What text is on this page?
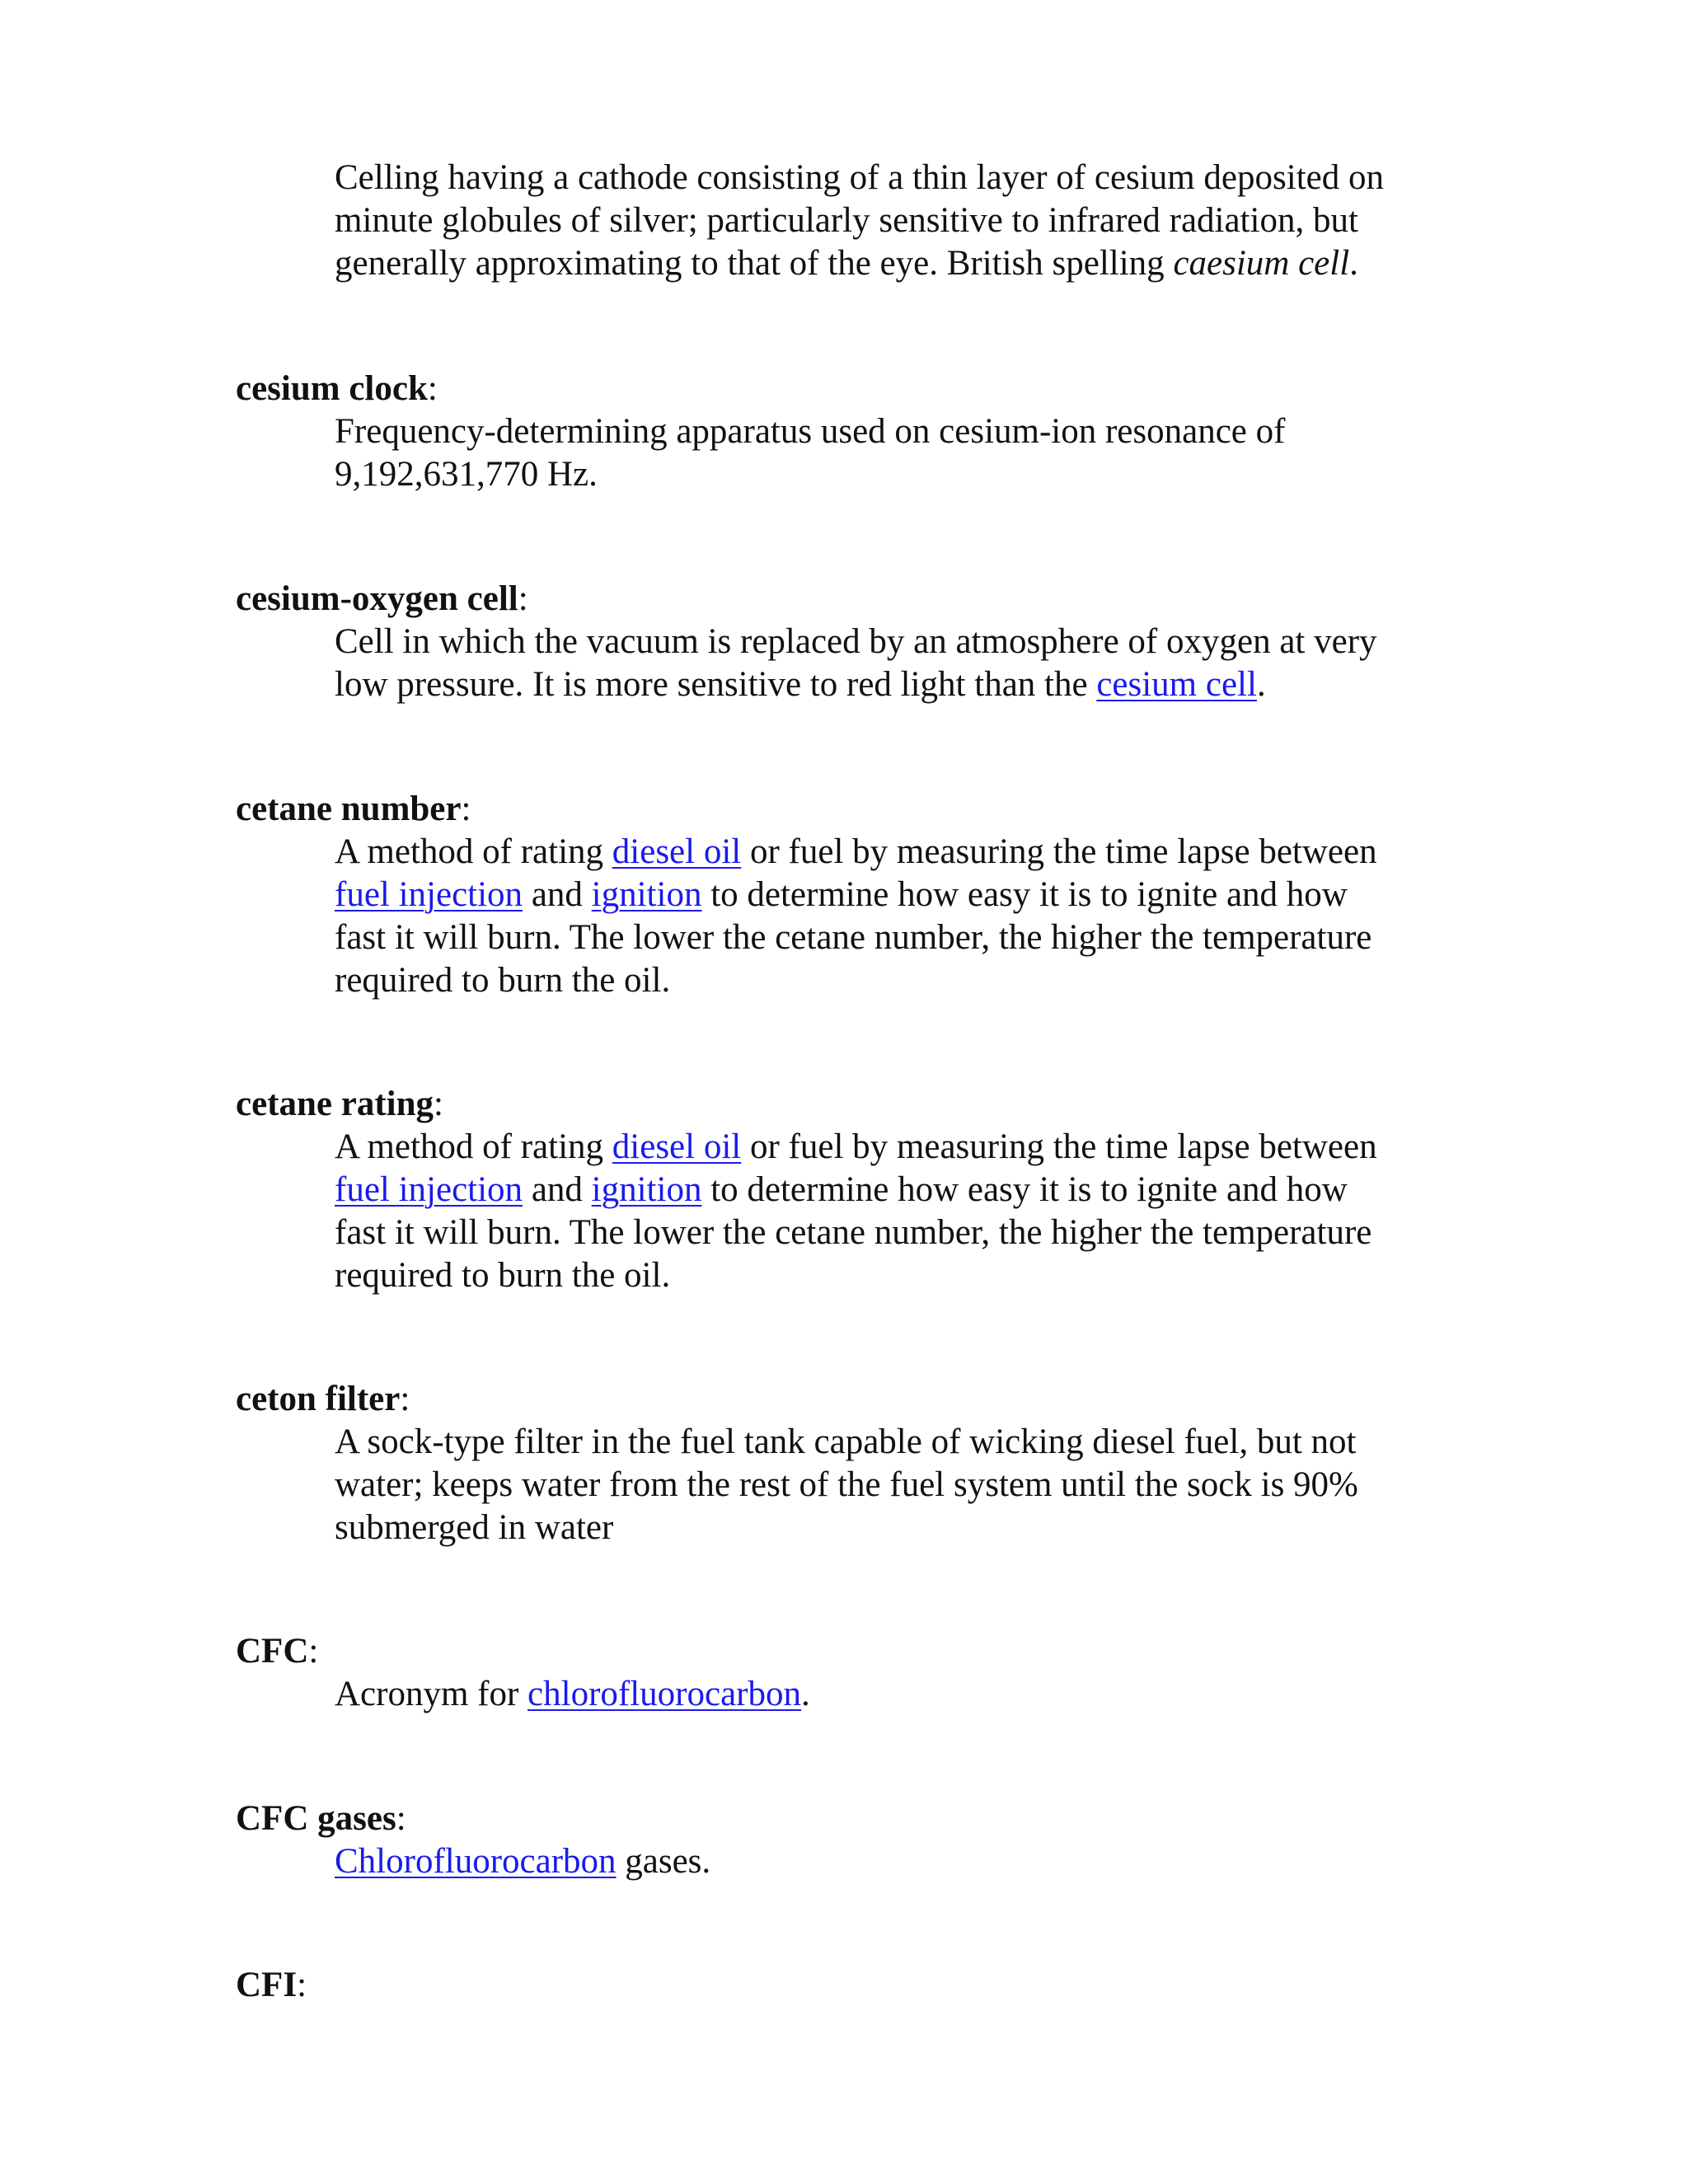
Celling having a cathode consisting of a thin layer of cesium deposited on
minute globules of silver; particularly sensitive to infrared radiation, but
generally approximating to that of the eye. British spelling caesium cell.
cesium clock:
Frequency-determining apparatus used on cesium-ion resonance of
9,192,631,770 Hz.
cesium-oxygen cell:
Cell in which the vacuum is replaced by an atmosphere of oxygen at very
low pressure. It is more sensitive to red light than the cesium cell.
cetane number:
A method of rating diesel oil or fuel by measuring the time lapse between
fuel injection and ignition to determine how easy it is to ignite and how
fast it will burn. The lower the cetane number, the higher the temperature
required to burn the oil.
cetane rating:
A method of rating diesel oil or fuel by measuring the time lapse between
fuel injection and ignition to determine how easy it is to ignite and how
fast it will burn. The lower the cetane number, the higher the temperature
required to burn the oil.
ceton filter:
A sock-type filter in the fuel tank capable of wicking diesel fuel, but not
water; keeps water from the rest of the fuel system until the sock is 90%
submerged in water
CFC:
Acronym for chlorofluorocarbon.
CFC gases:
Chlorofluorocarbon gases.
CFI:
